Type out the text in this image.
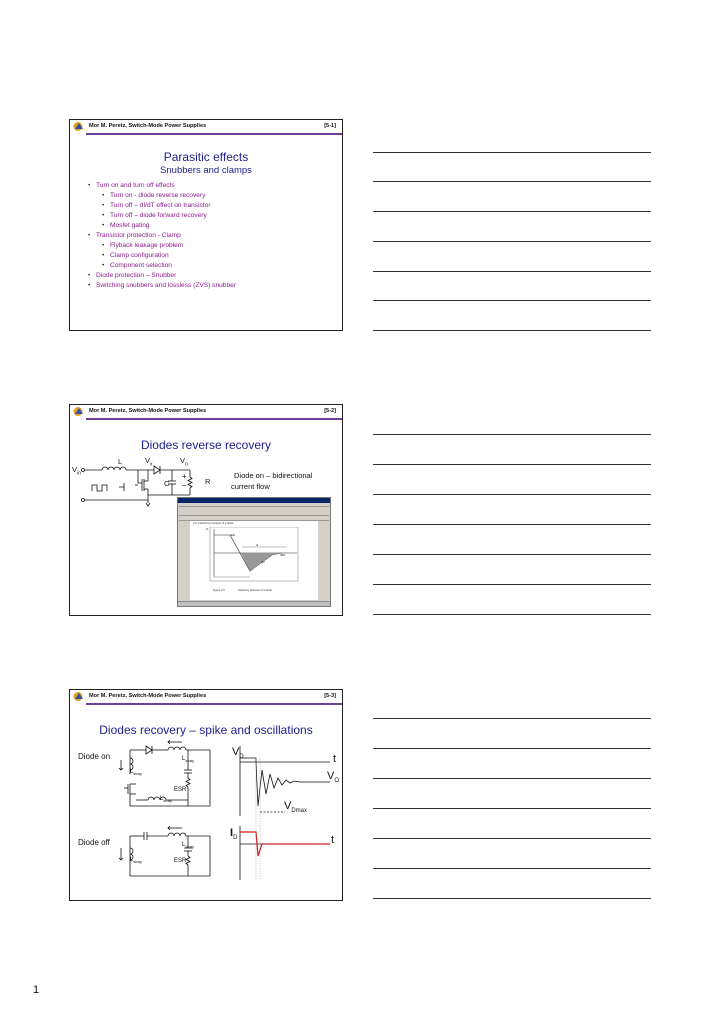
Mor M. Peretz, Switch-Mode Power Supplies	[5-1]
Parasitic effects
Snubbers and clamps
• Turn on and turn off effects
• Turn on - diode reverse recovery
• Turn off – dI/dT effect on transistor
• Turn off – diode forward recovery
• Mosfet gating
• Transistor protection - Clamp
• Flyback leakage problem
• Clamp configuration
• Component selection
• Diode protection – Snubber
• Switching snubbers and lossless (ZVS) snubber
Mor M. Peretz, Switch-Mode Power Supplies	[5-2]
Diodes reverse recovery
L	$V_x$	$V_o$
$V_{in}$
C	R
+
−
Diode on – bidirectional
current flow
2.2.1 Switching behavior of a diode
iF
di/dt
ta
IRM
Qrr
Figure 2.5	Switching behavior of a diode
Mor M. Peretz, Switch-Mode Power Supplies	[5-3]
Diodes recovery – spike and oscillations
Diode on
Diode off
$L_{stray}$
$L_{stray}$
ESR
$L_{stray}$
$L_{stray}$
$L_{stray}$	ESR
$V_D$	t
$V_O$
$V_{Dmax}$
$I_D$	t
1
